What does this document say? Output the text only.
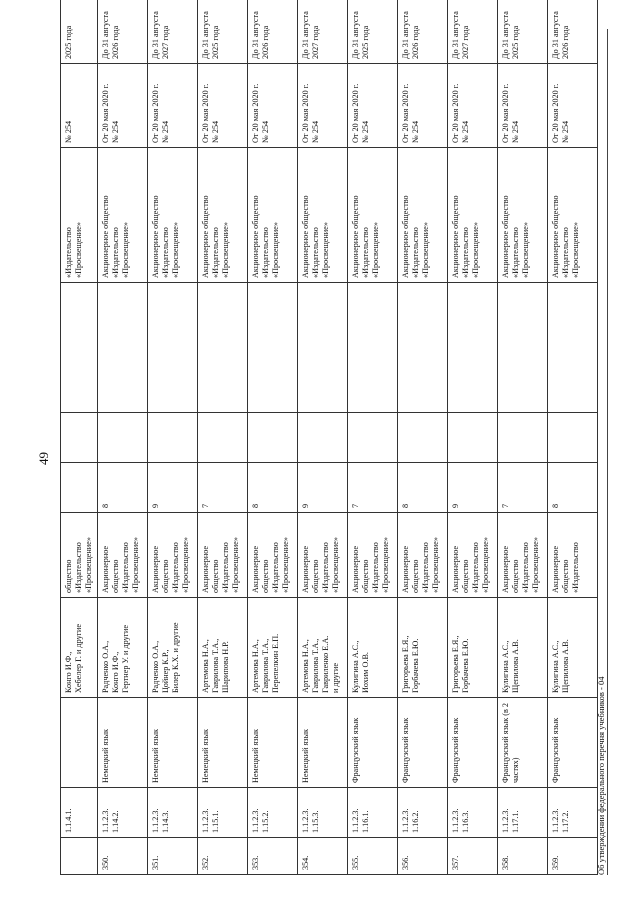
49
	1.1.4.1.		Конго И.Ф.,
Хебелер Г. и другие	общество
«Издательство
«Просвещение»				«Издательство
«Просвещение»	№ 254	2025 года
350.	1.1.2.3.
1.14.2.	Немецкий язык	Радченко О.А.,
Конго И.Ф.,
Гертнер У. и другие	Акционерное
общество
«Издательство
«Просвещение»	8			Акционерное общество
«Издательство
«Просвещение»	От 20 мая 2020 г.
№ 254	До 31 августа
2026 года
351.	1.1.2.3.
1.14.3.	Немецкий язык	Радченко О.А.,
Цойнер К.Р.,
Билер К.Х. и другие	Акционерное
общество
«Издательство
«Просвещение»	9			Акционерное общество
«Издательство
«Просвещение»	От 20 мая 2020 г.
№ 254	До 31 августа
2027 года
352.	1.1.2.3.
1.15.1.	Немецкий язык	Артемова Н.А.,
Гаврилова Т.А.,
Шарипова Н.Р.	Акционерное
общество
«Издательство
«Просвещение»	7			Акционерное общество
«Издательство
«Просвещение»	От 20 мая 2020 г.
№ 254	До 31 августа
2025 года
353.	1.1.2.3.
1.15.2.	Немецкий язык	Артемова Н.А.,
Гаврилова Т.А.,
Перепелкин Е.П.	Акционерное
общество
«Издательство
«Просвещение»	8			Акционерное общество
«Издательство
«Просвещение»	От 20 мая 2020 г.
№ 254	До 31 августа
2026 года
354.	1.1.2.3.
1.15.3.	Немецкий язык	Артемова Н.А.,
Гаврилова Т.А.,
Гавриленко Е.А.
и другие	Акционерное
общество
«Издательство
«Просвещение»	9			Акционерное общество
«Издательство
«Просвещение»	От 20 мая 2020 г.
№ 254	До 31 августа
2027 года
355.	1.1.2.3.
1.16.1.	Французский язык	Кулигина А.С.,
Иохим О.В.	Акционерное
общество
«Издательство
«Просвещение»	7			Акционерное общество
«Издательство
«Просвещение»	От 20 мая 2020 г.
№ 254	До 31 августа
2025 года
356.	1.1.2.3.
1.16.2.	Французский язык	Григорьева Е.Я.,
Горбачева Е.Ю.	Акционерное
общество
«Издательство
«Просвещение»	8			Акционерное общество
«Издательство
«Просвещение»	От 20 мая 2020 г.
№ 254	До 31 августа
2026 года
357.	1.1.2.3.
1.16.3.	Французский язык	Григорьева Е.Я.,
Горбачева Е.Ю.	Акционерное
общество
«Издательство
«Просвещение»	9			Акционерное общество
«Издательство
«Просвещение»	От 20 мая 2020 г.
№ 254	До 31 августа
2027 года
358.	1.1.2.3.
1.17.1.	Французский язык (в 2 частях)	Кулигина А.С.,
Щепилова А.В.	Акционерное
общество
«Издательство
«Просвещение»	7			Акционерное общество
«Издательство
«Просвещение»	От 20 мая 2020 г.
№ 254	До 31 августа
2025 года
359.	1.1.2.3.
1.17.2.	Французский язык	Кулигина А.С.,
Щепилова А.В.	Акционерное
общество
«Издательство	8			Акционерное общество
«Издательство
«Просвещение»	От 20 мая 2020 г.
№ 254	До 31 августа
2026 года
Об утверждении федерального перечня учебников - 04
